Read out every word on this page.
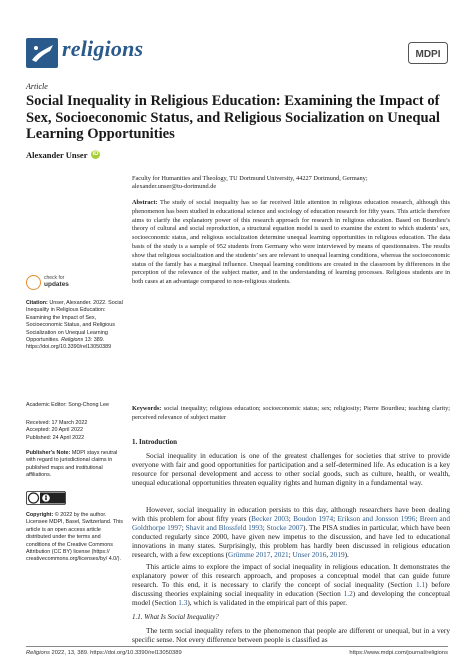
religions	MDPI
Article
Social Inequality in Religious Education: Examining the Impact of Sex, Socioeconomic Status, and Religious Socialization on Unequal Learning Opportunities
Alexander Unser iD
Faculty for Humanities and Theology, TU Dortmund University, 44227 Dortmund, Germany;
alexander.unser@tu-dortmund.de
Abstract: The study of social inequality has so far received little attention in religious education research, although this phenomenon has been studied in educational science and sociology of education research for fifty years. This article therefore aims to clarify the explanatory power of this research approach for research in religious education. Based on Bourdieu’s theory of cultural and social reproduction, a structural equation model is used to examine the extent to which students’ sex, socioeconomic status, and religious socialization determine unequal learning opportunities in religious education. The data basis of the study is a sample of 952 students from Germany who were interviewed by means of questionnaires. The results show that religious socialization and the students’ sex are relevant to unequal learning conditions, whereas the socioeconomic status of the family has a marginal influence. Unequal learning conditions are created in the classroom by differences in the perception of the relevance of the subject matter, and in the understanding of learning processes. Religious students are in both cases at an advantage compared to non-religious students.
Keywords: social inequality; religious education; socioeconomic status; sex; religiosity; Pierre Bourdieu; teaching clarity; perceived relevance of subject matter
1. Introduction
Social inequality in education is one of the greatest challenges for societies that strive to provide everyone with fair and good opportunities for participation and a self-determined life. As education is a key resource for personal development and access to other social goods, such as culture, health, or wealth, unequal educational opportunities threaten equality rights and human dignity in a fundamental way.
However, social inequality in education persists to this day, although researchers have been dealing with this problem for about fifty years (Becker 2003; Boudon 1974; Erikson and Jonsson 1996; Breen and Goldthorpe 1997; Shavit and Blossfeld 1993; Stocke 2007). The PISA studies in particular, which have been conducted regularly since 2000, have given new impetus to the discussion, and have led to educational innovations in many states. Surprisingly, this problem has hardly been discussed in religious education research, with a few exceptions (Grümme 2017, 2021; Unser 2016, 2019).
This article aims to explore the impact of social inequality in religious education. It demonstrates the explanatory power of this research approach, and proposes a conceptual model that can guide future research. To this end, it is necessary to clarify the concept of social inequality (Section 1.1) before discussing theories explaining social inequality in education (Section 1.2) and developing the conceptual model (Section 1.3), which is validated in the empirical part of this paper.
1.1. What Is Social Inequality?
The term social inequality refers to the phenomenon that people are different or unequal, but in a very specific sense. Not every difference between people is classified as
check for
updates
Citation: Unser, Alexander. 2022. Social Inequality in Religious Education: Examining the Impact of Sex, Socioeconomic Status, and Religious Socialization on Unequal Learning Opportunities. Religions 13: 389. https://doi.org/10.3390/rel13050389
Academic Editor: Song-Chong Lee
Received: 17 March 2022
Accepted: 20 April 2022
Published: 24 April 2022
Publisher’s Note: MDPI stays neutral with regard to jurisdictional claims in published maps and institutional affiliations.
Copyright: © 2022 by the author. Licensee MDPI, Basel, Switzerland. This article is an open access article distributed under the terms and conditions of the Creative Commons Attribution (CC BY) license (https:// creativecommons.org/licenses/by/ 4.0/).
Religions 2022, 13, 389. https://doi.org/10.3390/rel13050389	https://www.mdpi.com/journal/religions
